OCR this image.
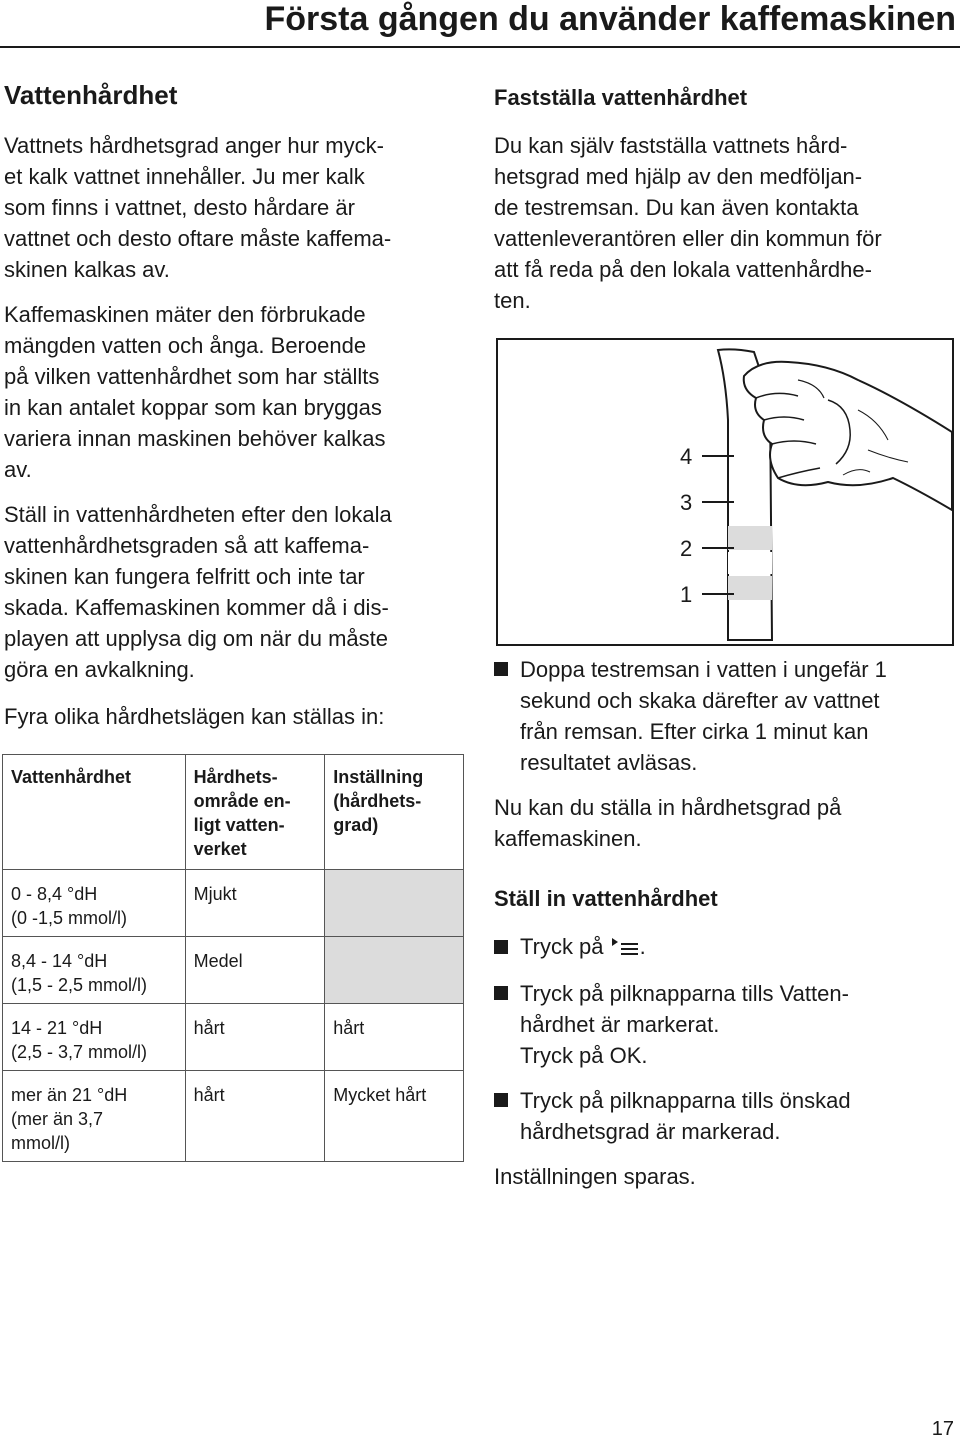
Första gången du använder kaffemaskinen
Vattenhårdhet

Vattnets hårdhetsgrad anger hur myck-

et kalk vattnet innehåller. Ju mer kalk

som finns i vattnet, desto hårdare är

vattnet och desto oftare måste kaffema-

skinen kalkas av.

Kaffemaskinen mäter den förbrukade

mängden vatten och ånga. Beroende

på vilken vattenhårdhet som har ställts

in kan antalet koppar som kan bryggas

variera innan maskinen behöver kalkas

av.

Ställ in vattenhårdheten efter den lokala

vattenhårdhetsgraden så att kaffema-

skinen kan fungera felfritt och inte tar

skada. Kaffemaskinen kommer då i dis-

playen att upplysa dig om när du måste

göra en avkalkning.

Fyra olika hårdhetslägen kan ställas in:

Vattenhårdhet	Hårdhets-
område en-
ligt vatten-
verket	Inställning
(hårdhets-
grad)

0 - 8,4 °dH
(0 -1,5 mmol/l)	Mjukt	

8,4 - 14 °dH
(1,5 - 2,5 mmol/l)	Medel	

14 - 21 °dH
(2,5 - 3,7 mmol/l)	hårt	hårt

mer än 21 °dH
(mer än 3,7
mmol/l)	hårt	Mycket hårt
Fastställa vattenhårdhet

Du kan själv fastställa vattnets hård-

hetsgrad med hjälp av den medföljan-

de testremsan. Du kan även kontakta

vattenleverantören eller din kommun för

att få reda på den lokala vattenhårdhe-

ten.

4
3
2
1

Doppa testremsan i vatten i ungefär 1

sekund och skaka därefter av vattnet

från remsan. Efter cirka 1 minut kan

resultatet avläsas.

Nu kan du ställa in hårdhetsgrad på

kaffemaskinen.

Ställ in vattenhårdhet

Tryck på .

Tryck på pilknapparna tills Vatten-

hårdhet är markerat.

Tryck på OK.

Tryck på pilknapparna tills önskad

hårdhetsgrad är markerad.

Inställningen sparas.

17
